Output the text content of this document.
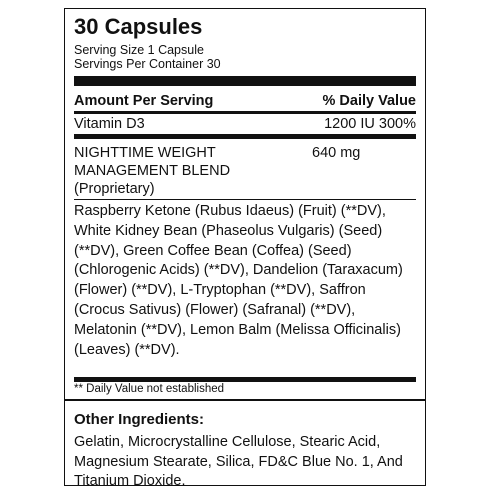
30 Capsules
Serving Size 1 Capsule
Servings Per Container 30
Amount Per Serving	% Daily Value
Vitamin D3	1200 IU 300%
NIGHTTIME WEIGHT MANAGEMENT BLEND (Proprietary)
640 mg
Raspberry Ketone (Rubus Idaeus) (Fruit) (**DV), White Kidney Bean (Phaseolus Vulgaris) (Seed) (**DV), Green Coffee Bean (Coffea) (Seed) (Chlorogenic Acids) (**DV), Dandelion (Taraxacum) (Flower) (**DV), L-Tryptophan (**DV), Saffron (Crocus Sativus) (Flower) (Safranal) (**DV), Melatonin (**DV), Lemon Balm (Melissa Officinalis) (Leaves) (**DV).
** Daily Value not established
Other Ingredients:
Gelatin, Microcrystalline Cellulose, Stearic Acid, Magnesium Stearate, Silica, FD&C Blue No. 1, And Titanium Dioxide.
